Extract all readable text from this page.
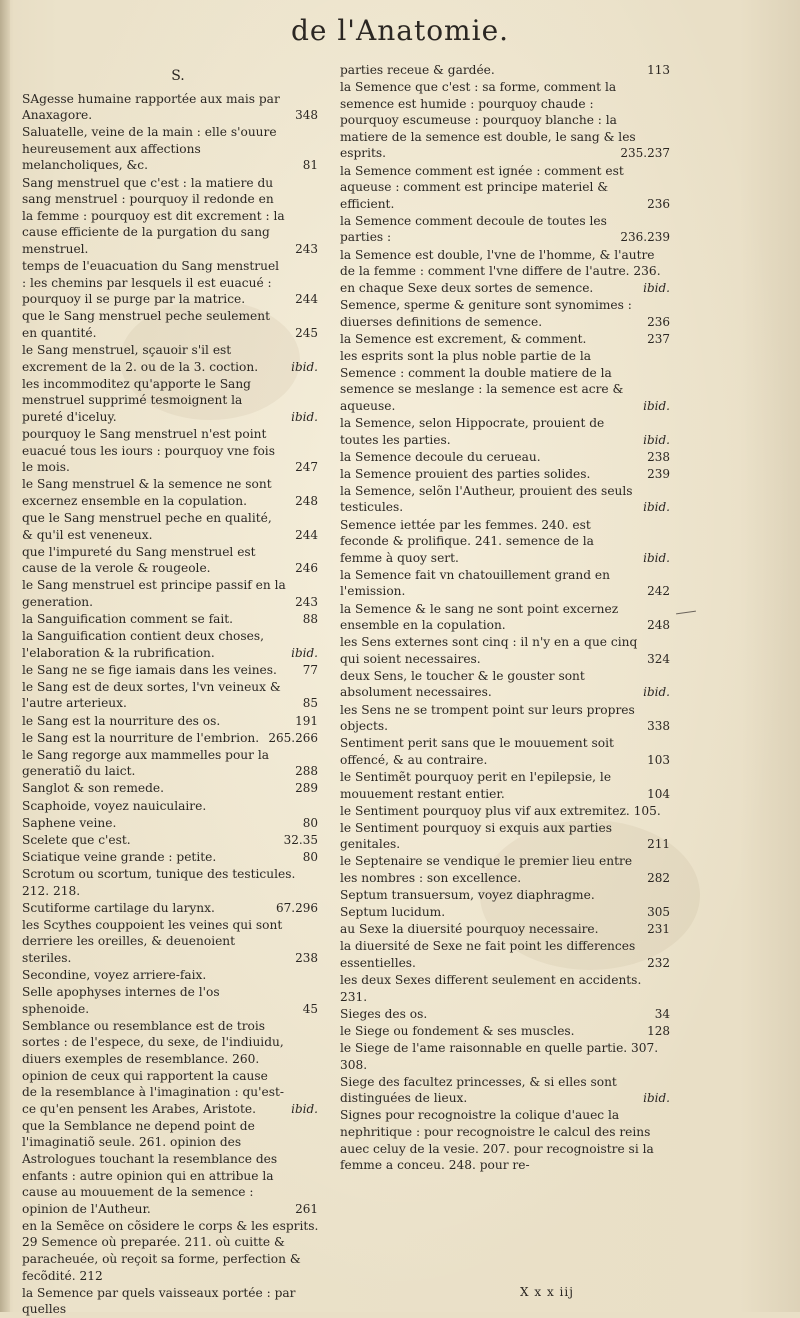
de l'Anatomie.
S.
SAgesse humaine rapportée aux mais par Anaxagore.	348
Saluatelle, veine de la main : elle s'ouure heureusement aux affections melancholiques, &c.	81
Sang menstruel que c'est : la matiere du sang menstruel : pourquoy il redonde en la femme : pourquoy est dit excrement : la cause efficiente de la purgation du sang menstruel.	243
temps de l'euacuation du Sang menstruel : les chemins par lesquels il est euacué : pourquoy il se purge par la matrice.	244
que le Sang menstruel peche seulement en quantité.	245
le Sang menstruel, sçauoir s'il est excrement de la 2. ou de la 3. coction.	ibid.
les incommoditez qu'apporte le Sang menstruel supprimé tesmoignent la pureté d'iceluy.	ibid.
pourquoy le Sang menstruel n'est point euacué tous les iours : pourquoy vne fois le mois.	247
le Sang menstruel & la semence ne sont excernez ensemble en la copulation.	248
que le Sang menstruel peche en qualité, & qu'il est veneneux.	244
que l'impureté du Sang menstruel est cause de la verole & rougeole.	246
le Sang menstruel est principe passif en la generation.	243
la Sanguification comment se fait.	88
la Sanguification contient deux choses, l'elaboration & la rubrification.	ibid.
le Sang ne se fige iamais dans les veines. 77
le Sang est de deux sortes, l'vn veineux & l'autre arterieux.	85
le Sang est la nourriture des os.	191
le Sang est la nourriture de l'embrion. 265.266
le Sang regorge aux mammelles pour la generatiõ du laict.	288
Sanglot & son remede.	289
Scaphoide, voyez nauiculaire.
Saphene veine.	80
Scelete que c'est.	32.35
Sciatique veine grande : petite.	80
Scrotum ou scortum, tunique des testicules. 212. 218.
Scutiforme cartilage du larynx.	67.296
les Scythes couppoient les veines qui sont derriere les oreilles, & deuenoient steriles.	238
Secondine, voyez arriere-faix.
Selle apophyses internes de l'os sphenoide.	45
Semblance ou resemblance est de trois sortes : de l'espece, du sexe, de l'indiuidu, diuers exemples de resemblance. 260. opinion de ceux qui rapportent la cause de la resemblance à l'imagination : qu'est-ce qu'en pensent les Arabes, Aristote.	ibid.
que la Semblance ne depend point de l'imaginatiõ seule. 261. opinion des Astrologues touchant la resemblance des enfants : autre opinion qui en attribue la cause au mouuement de la semence : opinion de l'Autheur.	261
en la Semẽce on cõsidere le corps & les esprits. 29 Semence où preparée. 211. où cuitte & paracheuée, où reçoit sa forme, perfection & fecõdité. 212
la Semence par quels vaisseaux portée : par quelles
parties receue & gardée.	113
la Semence que c'est : sa forme, comment la semence est humide : pourquoy chaude : pourquoy escumeuse : pourquoy blanche : la matiere de la semence est double, le sang & les esprits.	235.237
la Semence comment est ignée : comment est aqueuse : comment est principe materiel & efficient.	236
la Semence comment decoule de toutes les parties :	236.239
la Semence est double, l'vne de l'homme, & l'autre de la femme : comment l'vne differe de l'autre. 236.
en chaque Sexe deux sortes de semence.	ibid.
Semence, sperme & geniture sont synomimes : diuerses definitions de semence.	236
la Semence est excrement, & comment.	237
les esprits sont la plus noble partie de la Semence : comment la double matiere de la semence se meslange : la semence est acre & aqueuse.	ibid.
la Semence, selon Hippocrate, prouient de toutes les parties.	ibid.
la Semence decoule du cerueau.	238
la Semence prouient des parties solides.	239
la Semence, selõn l'Autheur, prouient des seuls testicules.	ibid.
Semence iettée par les femmes. 240. est feconde & prolifique. 241. semence de la femme à quoy sert.	ibid.
la Semence fait vn chatouillement grand en l'emission.	242
la Semence & le sang ne sont point excernez ensemble en la copulation.	248
les Sens externes sont cinq : il n'y en a que cinq qui soient necessaires.	324
deux Sens, le toucher & le gouster sont absolument necessaires.	ibid.
les Sens ne se trompent point sur leurs propres objects.	338
Sentiment perit sans que le mouuement soit offencé, & au contraire.	103
le Sentimẽt pourquoy perit en l'epilepsie, le mouuement restant entier.	104
le Sentiment pourquoy plus vif aux extremitez. 105.
le Sentiment pourquoy si exquis aux parties genitales.	211
le Septenaire se vendique le premier lieu entre les nombres : son excellence.	282
Septum transuersum, voyez diaphragme.
Septum lucidum.	305
au Sexe la diuersité pourquoy necessaire.	231
la diuersité de Sexe ne fait point les differences essentielles.	232
les deux Sexes different seulement en accidents. 231.
Sieges des os.	34
le Siege ou fondement & ses muscles.	128
le Siege de l'ame raisonnable en quelle partie. 307. 308.
Siege des facultez princesses, & si elles sont distinguées de lieux.	ibid.
Signes pour recognoistre la colique d'auec la nephritique : pour recognoistre le calcul des reins auec celuy de la vesie. 207. pour recognoistre si la femme a conceu. 248. pour re-
X x x iij
